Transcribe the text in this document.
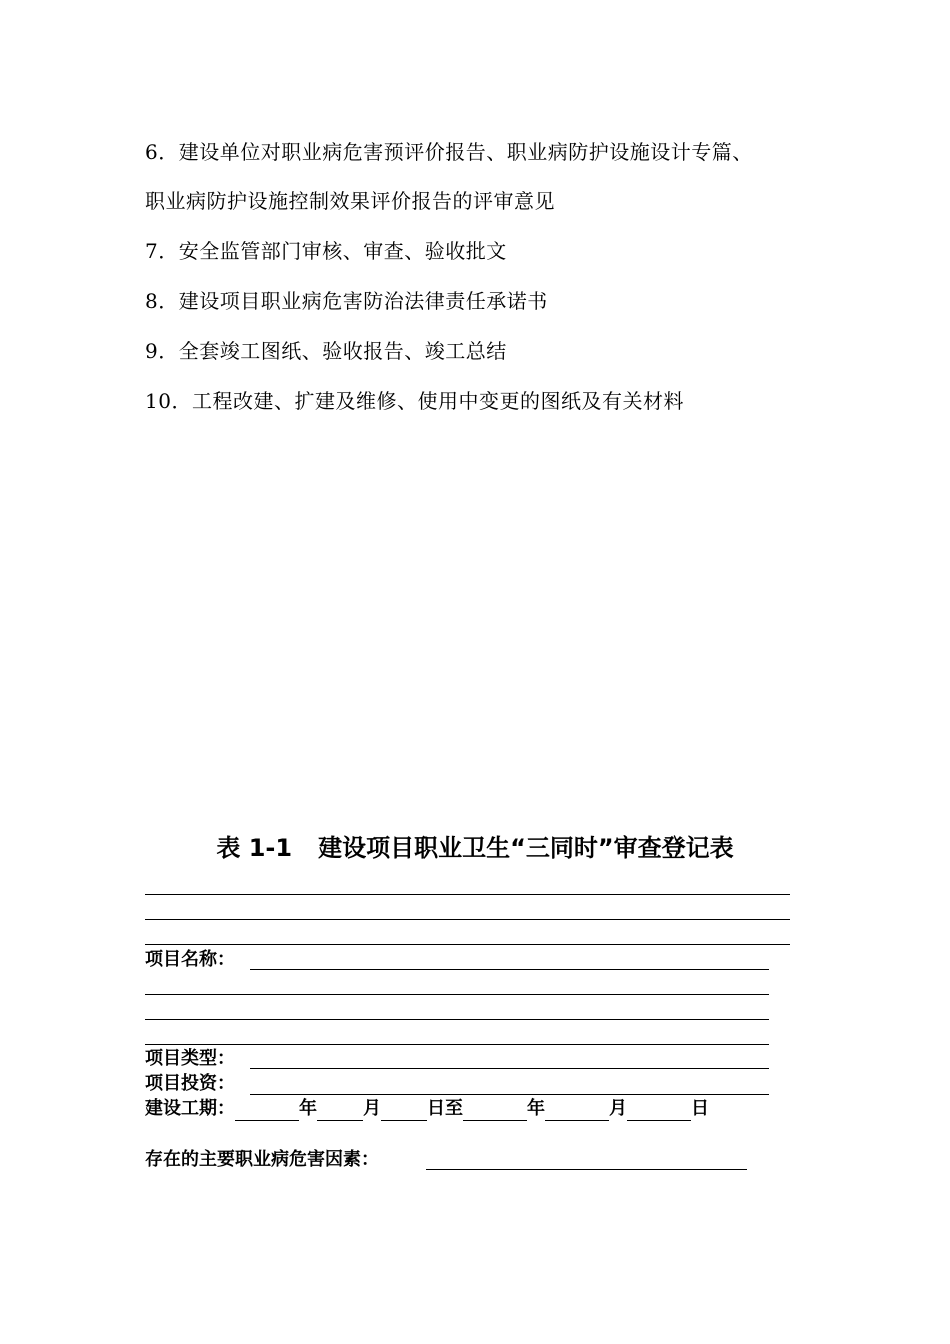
6．建设单位对职业病危害预评价报告、职业病防护设施设计专篇、
职业病防护设施控制效果评价报告的评审意见
7．安全监管部门审核、审查、验收批文
8．建设项目职业病危害防治法律责任承诺书
9．全套竣工图纸、验收报告、竣工总结
10．工程改建、扩建及维修、使用中变更的图纸及有关材料
表 1-1 建设项目职业卫生“三同时”审查登记表
项目名称：
项目类型：
项目投资：
建设工期：	年	月	日至	年	月	日
存在的主要职业病危害因素：
